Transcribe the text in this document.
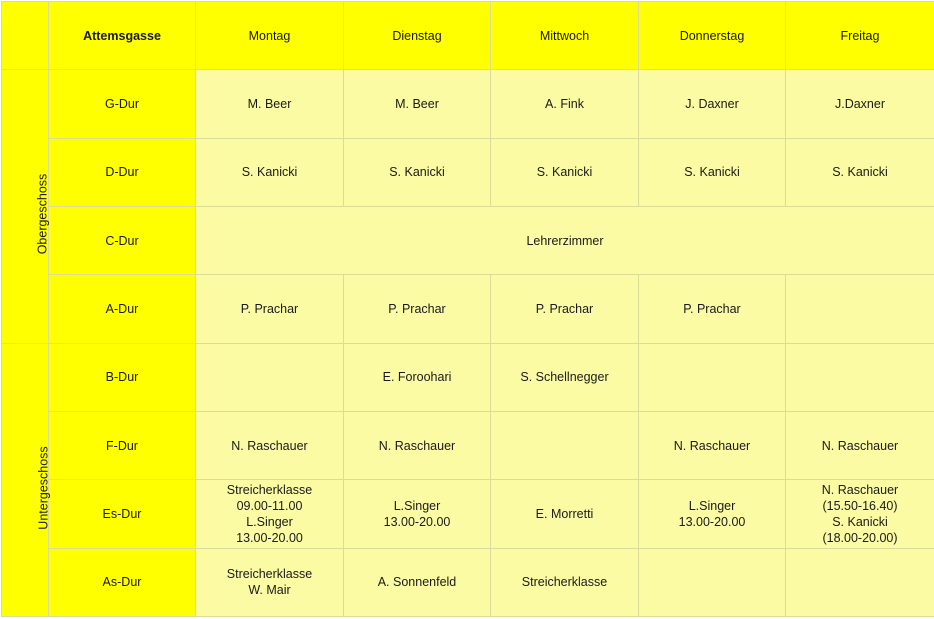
	Attemsgasse	Montag	Dienstag	Mittwoch	Donnerstag	Freitag

Obergeschoss	G-Dur	M. Beer	M. Beer	A. Fink	J. Daxner	J.Daxner
	D-Dur	S. Kanicki	S. Kanicki	S. Kanicki	S. Kanicki	S. Kanicki
	C-Dur	Lehrerzimmer				
	A-Dur	P. Prachar	P. Prachar	P. Prachar	P. Prachar	

Untergeschoss	B-Dur		E. Foroohari	S. Schellnegger		
	F-Dur	N. Raschauer	N. Raschauer		N. Raschauer	N. Raschauer
	Es-Dur	Streicherklasse
09.00-11.00
L.Singer
13.00-20.00	L.Singer
13.00-20.00	E. Morretti	L.Singer
13.00-20.00	N. Raschauer
(15.50-16.40)
S. Kanicki
(18.00-20.00)
	As-Dur	Streicherklasse
W. Mair	A. Sonnenfeld	Streicherklasse		
